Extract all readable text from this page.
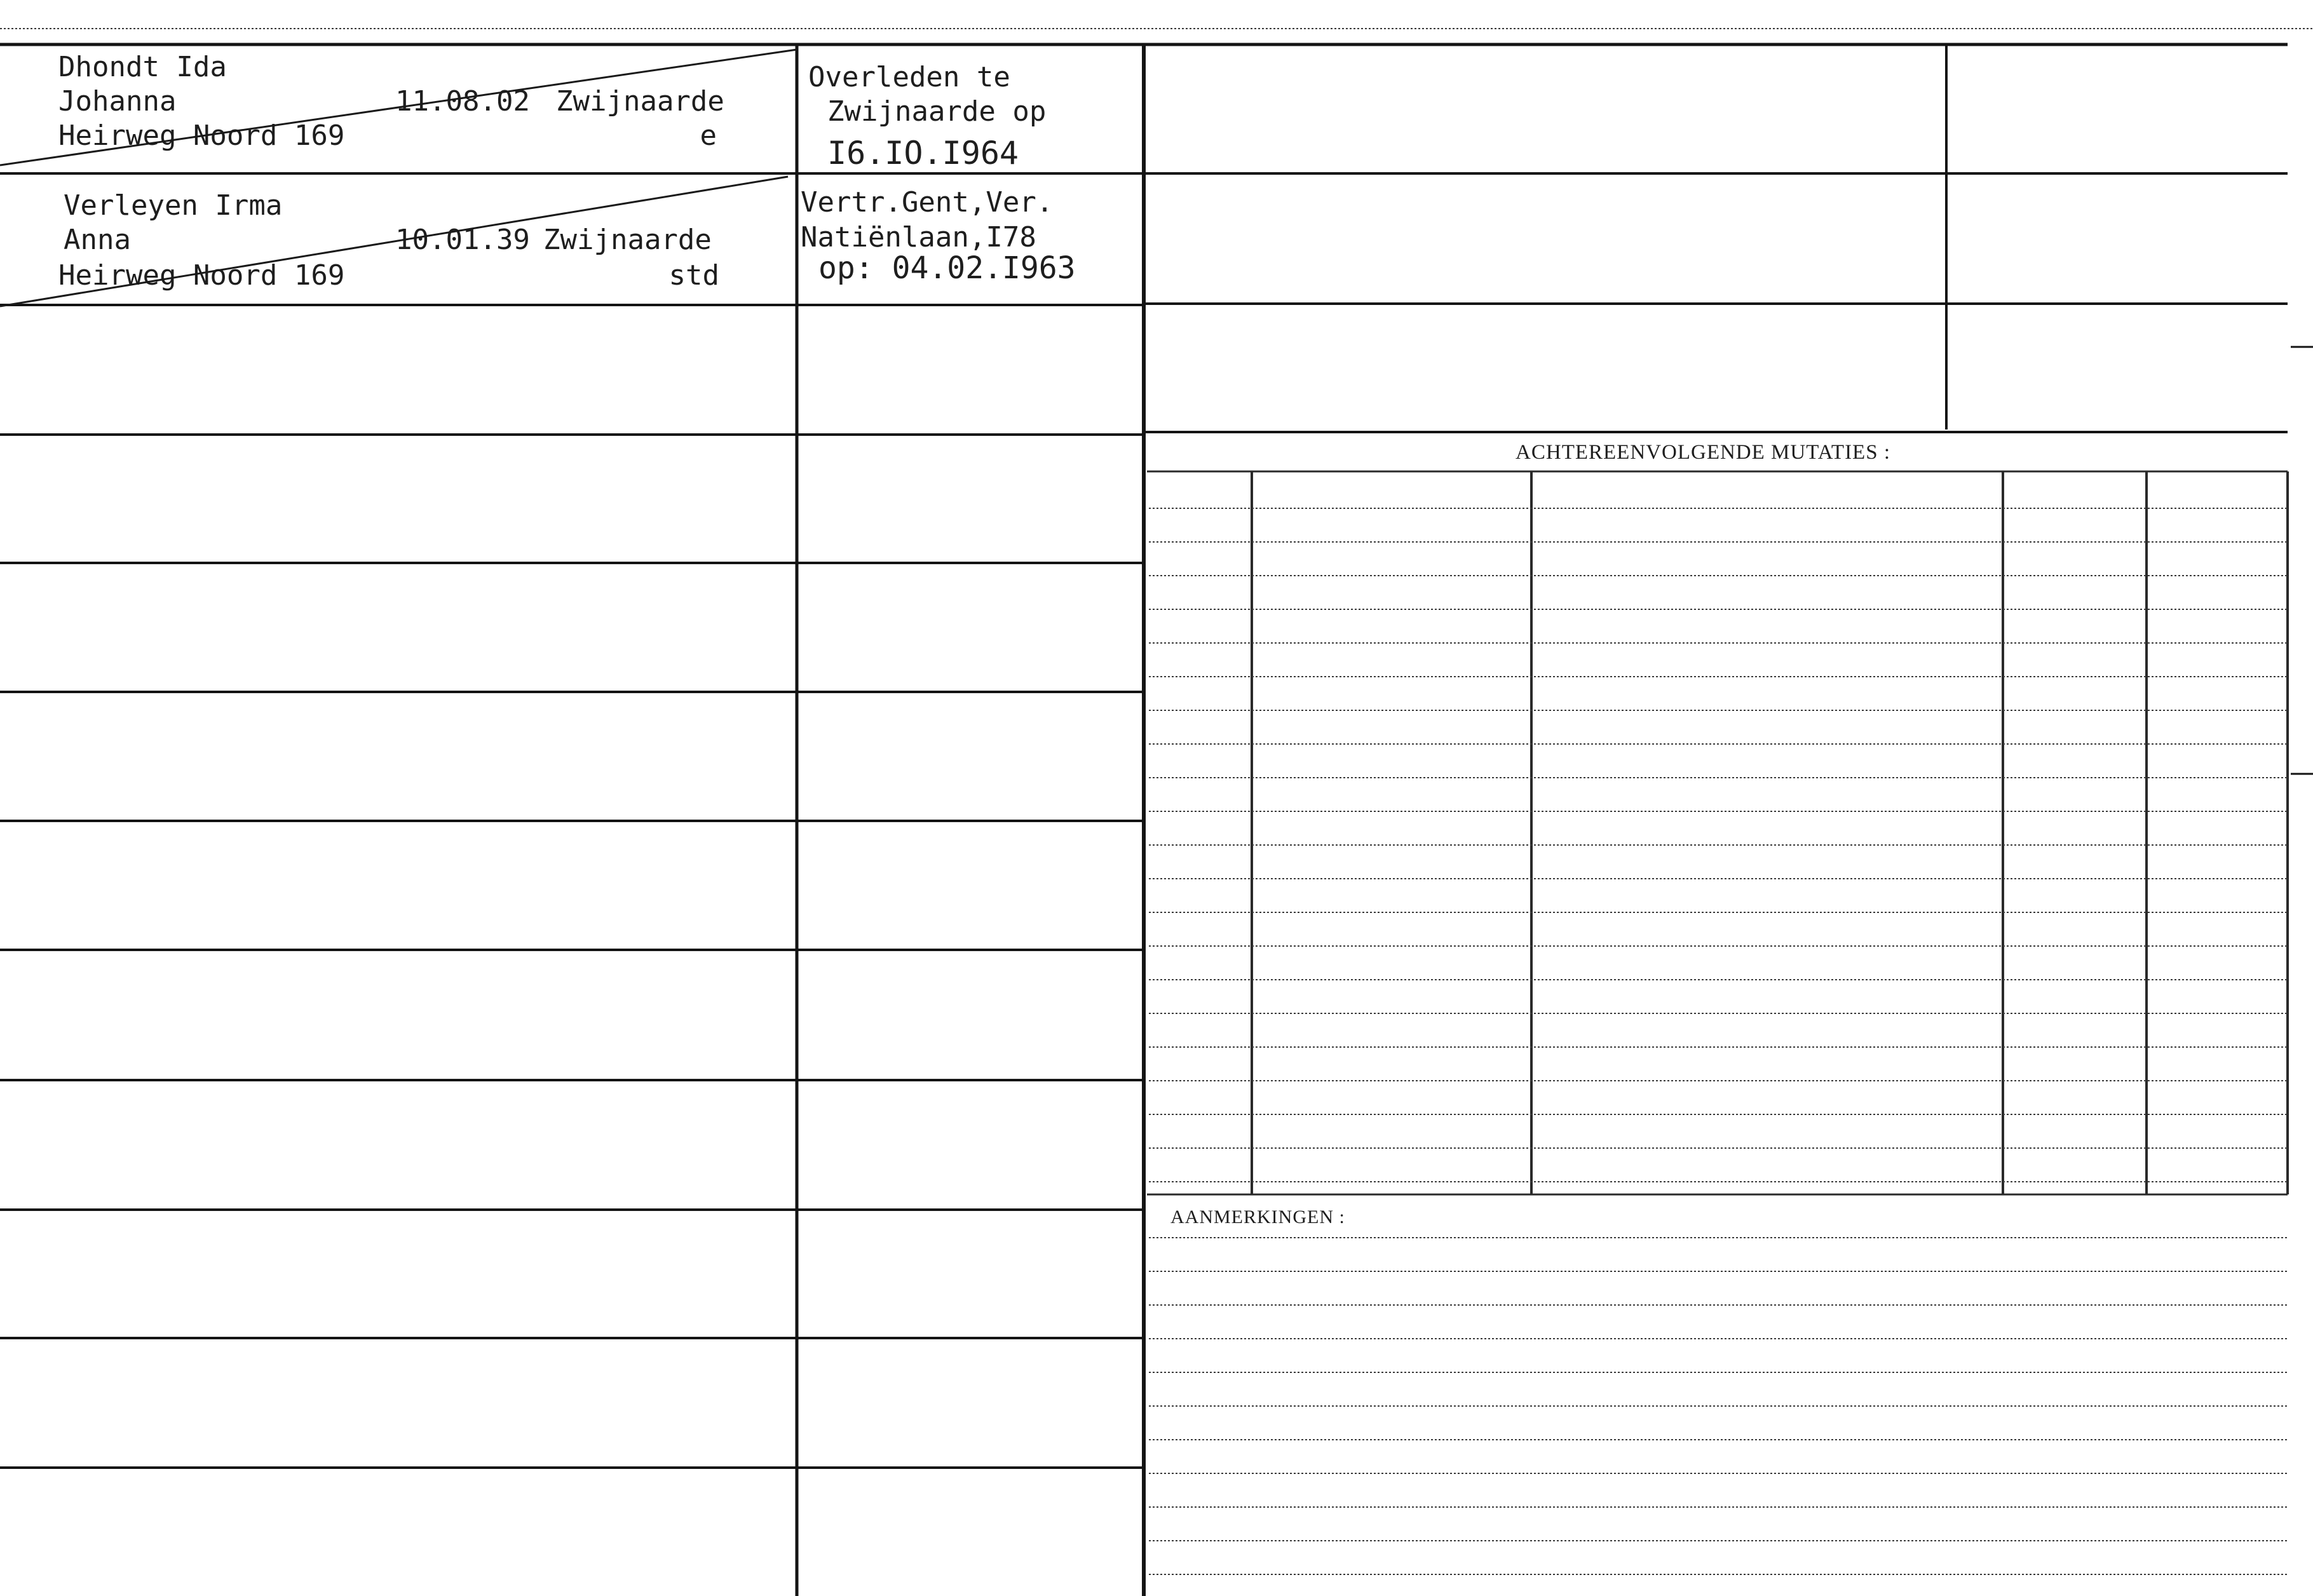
ACHTEREENVOLGENDE MUTATIES :
AANMERKINGEN :
Dhondt Ida
Johanna	11.08.02 Zwijnaarde
Heirweg Noord 169	e
Overleden te
Zwijnaarde op
I6.IO.I964
Verleyen Irma
Anna	10.01.39 Zwijnaarde
Heirweg Noord 169	std
Vertr.Gent,Ver.
Natiënlaan,I78
op: 04.02.I963
